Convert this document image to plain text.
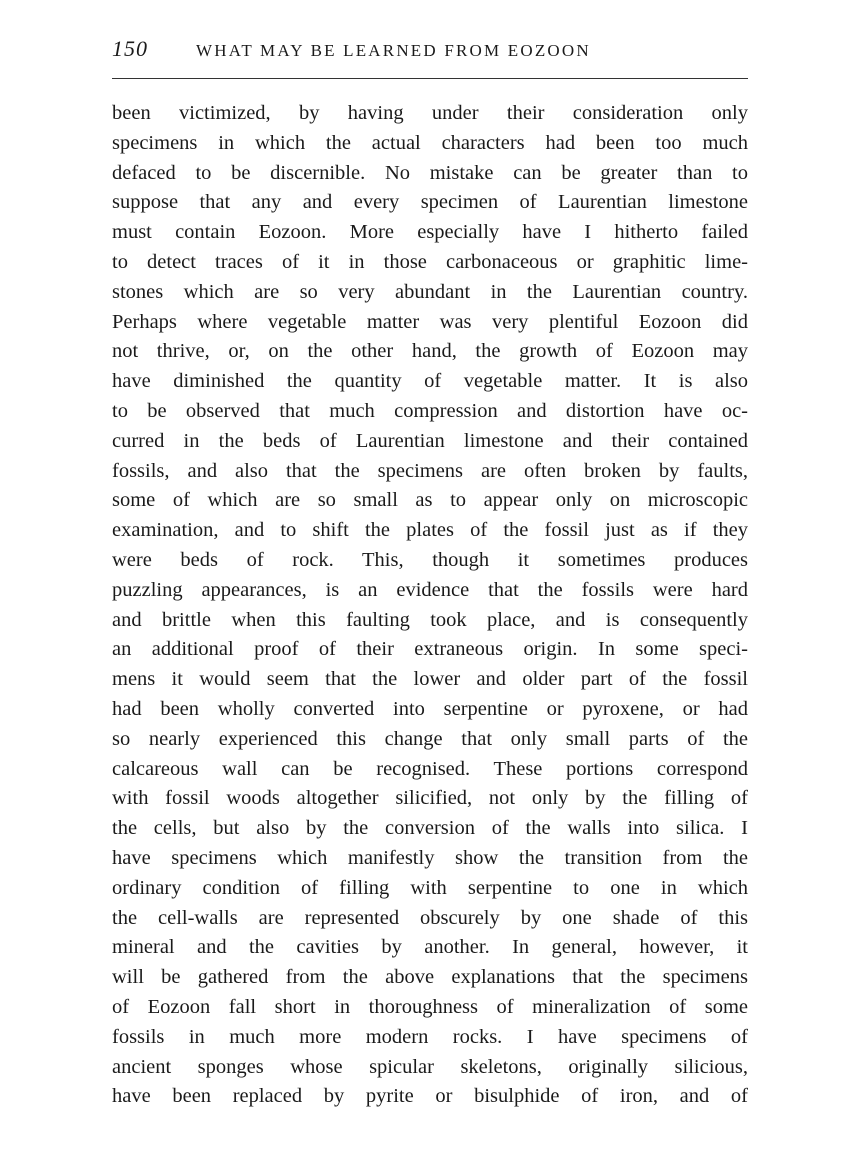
150	WHAT MAY BE LEARNED FROM EOZOON
been victimized, by having under their consideration only
specimens in which the actual characters had been too much
defaced to be discernible. No mistake can be greater than to
suppose that any and every specimen of Laurentian limestone
must contain Eozoon. More especially have I hitherto failed
to detect traces of it in those carbonaceous or graphitic lime-
stones which are so very abundant in the Laurentian country.
Perhaps where vegetable matter was very plentiful Eozoon did
not thrive, or, on the other hand, the growth of Eozoon may
have diminished the quantity of vegetable matter. It is also
to be observed that much compression and distortion have oc-
curred in the beds of Laurentian limestone and their contained
fossils, and also that the specimens are often broken by faults,
some of which are so small as to appear only on microscopic
examination, and to shift the plates of the fossil just as if they
were beds of rock. This, though it sometimes produces
puzzling appearances, is an evidence that the fossils were hard
and brittle when this faulting took place, and is consequently
an additional proof of their extraneous origin. In some speci-
mens it would seem that the lower and older part of the fossil
had been wholly converted into serpentine or pyroxene, or had
so nearly experienced this change that only small parts of the
calcareous wall can be recognised. These portions correspond
with fossil woods altogether silicified, not only by the filling of
the cells, but also by the conversion of the walls into silica. I
have specimens which manifestly show the transition from the
ordinary condition of filling with serpentine to one in which
the cell-walls are represented obscurely by one shade of this
mineral and the cavities by another. In general, however, it
will be gathered from the above explanations that the specimens
of Eozoon fall short in thoroughness of mineralization of some
fossils in much more modern rocks. I have specimens of
ancient sponges whose spicular skeletons, originally silicious,
have been replaced by pyrite or bisulphide of iron, and of
